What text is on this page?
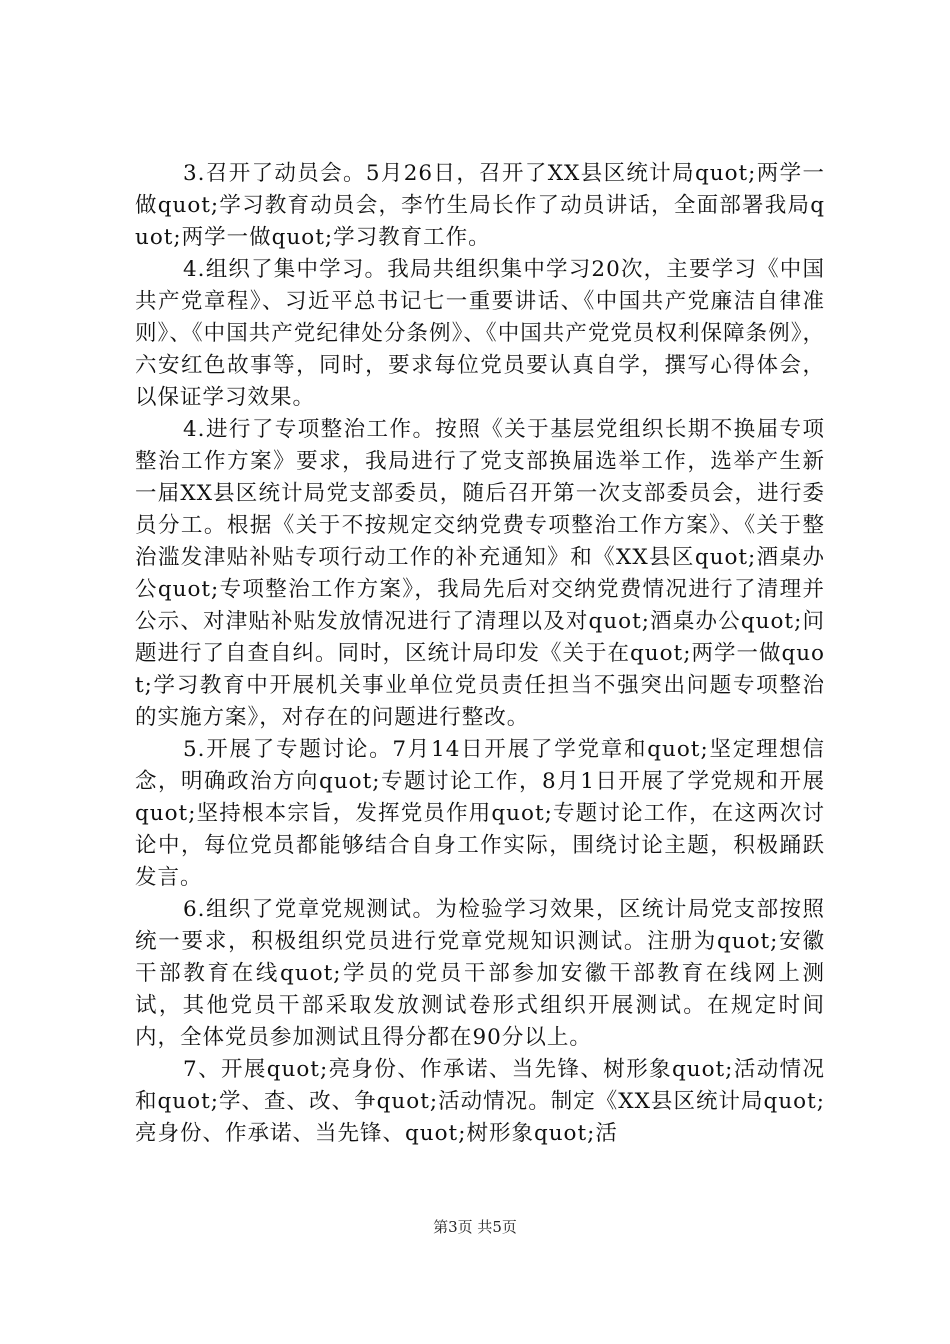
3.召开了动员会。5月26日，召开了XX县区统计局quot;两学一做quot;学习教育动员会，李竹生局长作了动员讲话，全面部署我局quot;两学一做quot;学习教育工作。

4.组织了集中学习。我局共组织集中学习20次，主要学习《中国共产党章程》、习近平总书记七一重要讲话、《中国共产党廉洁自律准则》、《中国共产党纪律处分条例》、《中国共产党党员权利保障条例》，六安红色故事等，同时，要求每位党员要认真自学，撰写心得体会，以保证学习效果。

4.进行了专项整治工作。按照《关于基层党组织长期不换届专项整治工作方案》要求，我局进行了党支部换届选举工作，选举产生新一届XX县区统计局党支部委员，随后召开第一次支部委员会，进行委员分工。根据《关于不按规定交纳党费专项整治工作方案》、《关于整治滥发津贴补贴专项行动工作的补充通知》和《XX县区quot;酒桌办公quot;专项整治工作方案》，我局先后对交纳党费情况进行了清理并公示、对津贴补贴发放情况进行了清理以及对quot;酒桌办公quot;问题进行了自查自纠。同时，区统计局印发《关于在quot;两学一做quot;学习教育中开展机关事业单位党员责任担当不强突出问题专项整治的实施方案》，对存在的问题进行整改。

5.开展了专题讨论。7月14日开展了学党章和quot;坚定理想信念，明确政治方向quot;专题讨论工作，8月1日开展了学党规和开展quot;坚持根本宗旨，发挥党员作用quot;专题讨论工作，在这两次讨论中，每位党员都能够结合自身工作实际，围绕讨论主题，积极踊跃发言。

6.组织了党章党规测试。为检验学习效果，区统计局党支部按照统一要求，积极组织党员进行党章党规知识测试。注册为quot;安徽干部教育在线quot;学员的党员干部参加安徽干部教育在线网上测试，其他党员干部采取发放测试卷形式组织开展测试。在规定时间内，全体党员参加测试且得分都在90分以上。

7、开展quot;亮身份、作承诺、当先锋、树形象quot;活动情况和quot;学、查、改、争quot;活动情况。制定《XX县区统计局quot;亮身份、作承诺、当先锋、quot;树形象quot;活

第3页 共5页
